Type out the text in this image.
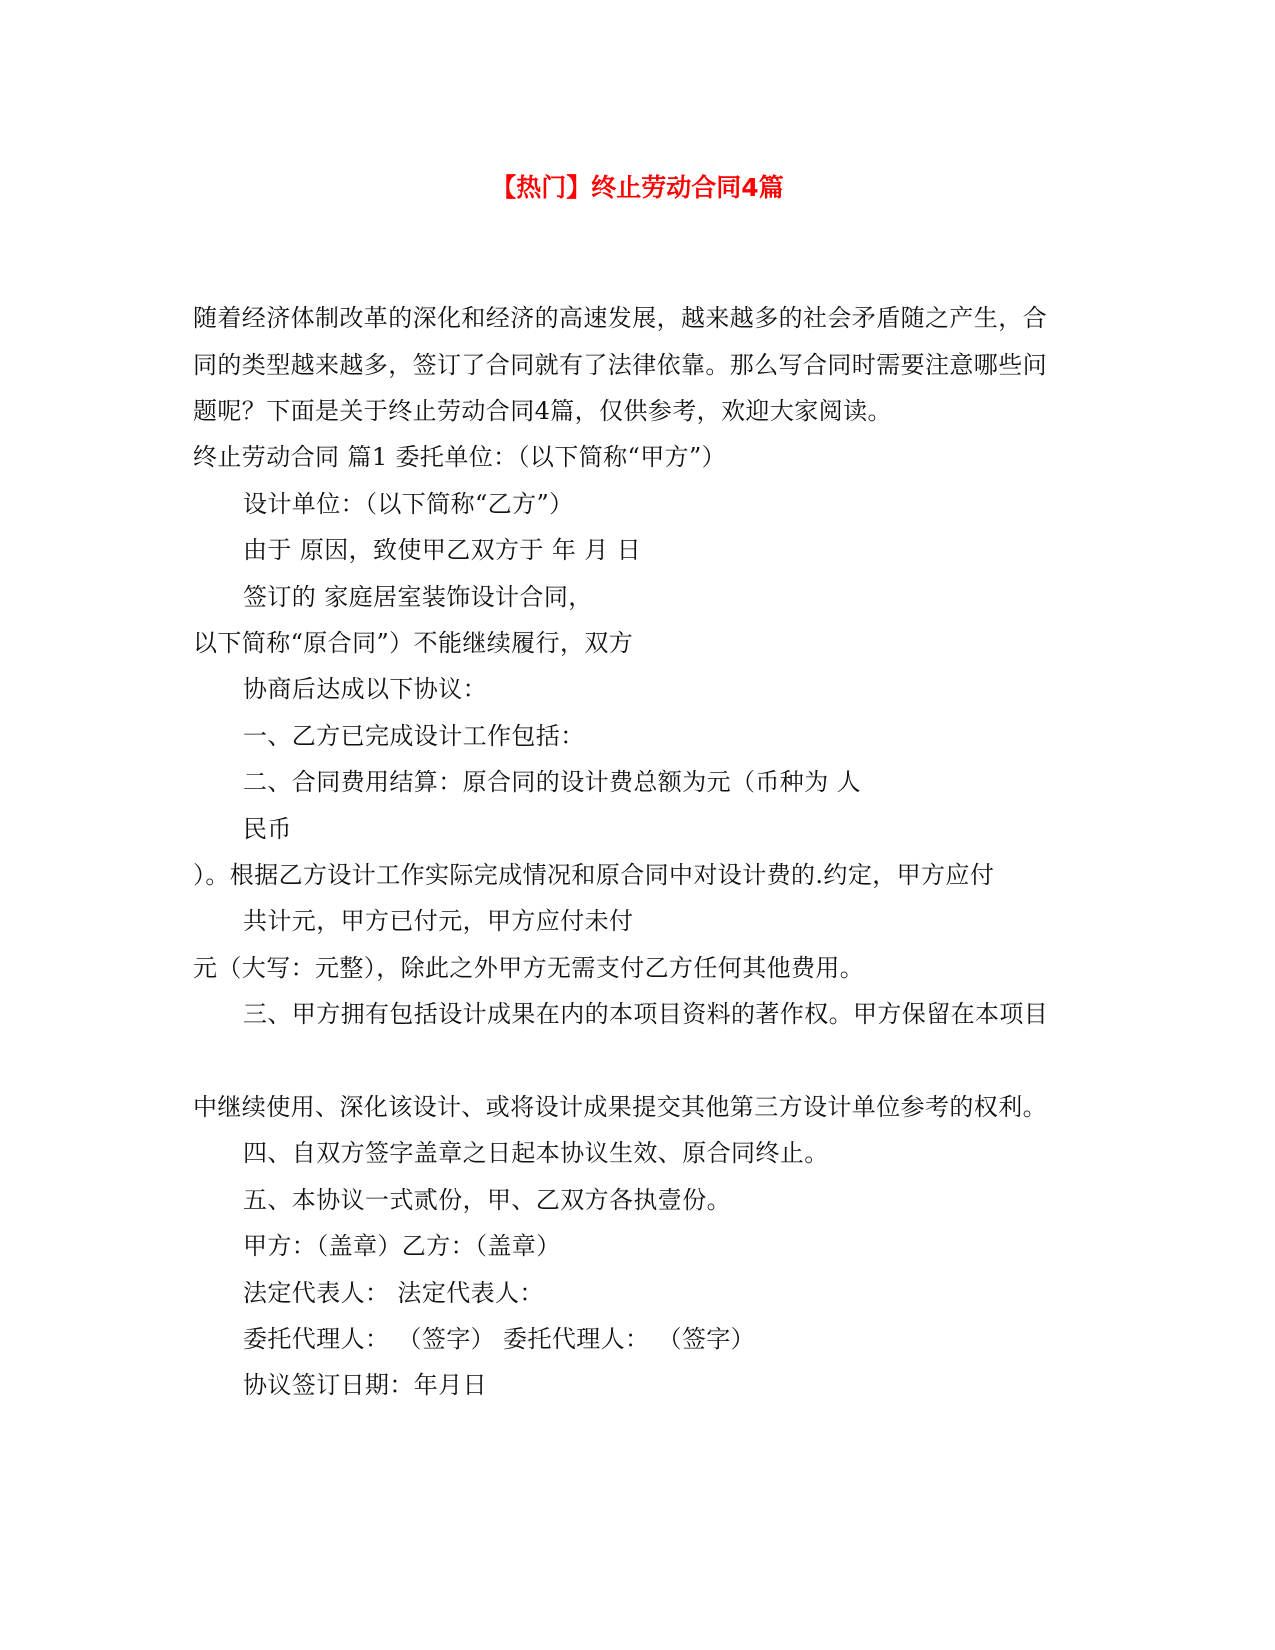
【热门】终止劳动合同4篇
随着经济体制改革的深化和经济的高速发展，越来越多的社会矛盾随之产生，合
同的类型越来越多，签订了合同就有了法律依靠。那么写合同时需要注意哪些问
题呢？下面是关于终止劳动合同4篇，仅供参考，欢迎大家阅读。
终止劳动合同 篇1 委托单位：（以下简称“甲方”）
设计单位：（以下简称“乙方”）
由于 原因，致使甲乙双方于 年 月 日
签订的 家庭居室装饰设计合同，
以下简称“原合同”）不能继续履行，双方
协商后达成以下协议：
一、乙方已完成设计工作包括：
二、合同费用结算：原合同的设计费总额为元（币种为 人
民币
）。根据乙方设计工作实际完成情况和原合同中对设计费的.约定，甲方应付
共计元，甲方已付元，甲方应付未付
元（大写：元整），除此之外甲方无需支付乙方任何其他费用。
三、甲方拥有包括设计成果在内的本项目资料的著作权。甲方保留在本项目
中继续使用、深化该设计、或将设计成果提交其他第三方设计单位参考的权利。
四、自双方签字盖章之日起本协议生效、原合同终止。
五、本协议一式贰份，甲、乙双方各执壹份。
甲方：（盖章）乙方：（盖章）
法定代表人： 法定代表人：
委托代理人： （签字） 委托代理人： （签字）
协议签订日期：年月日
